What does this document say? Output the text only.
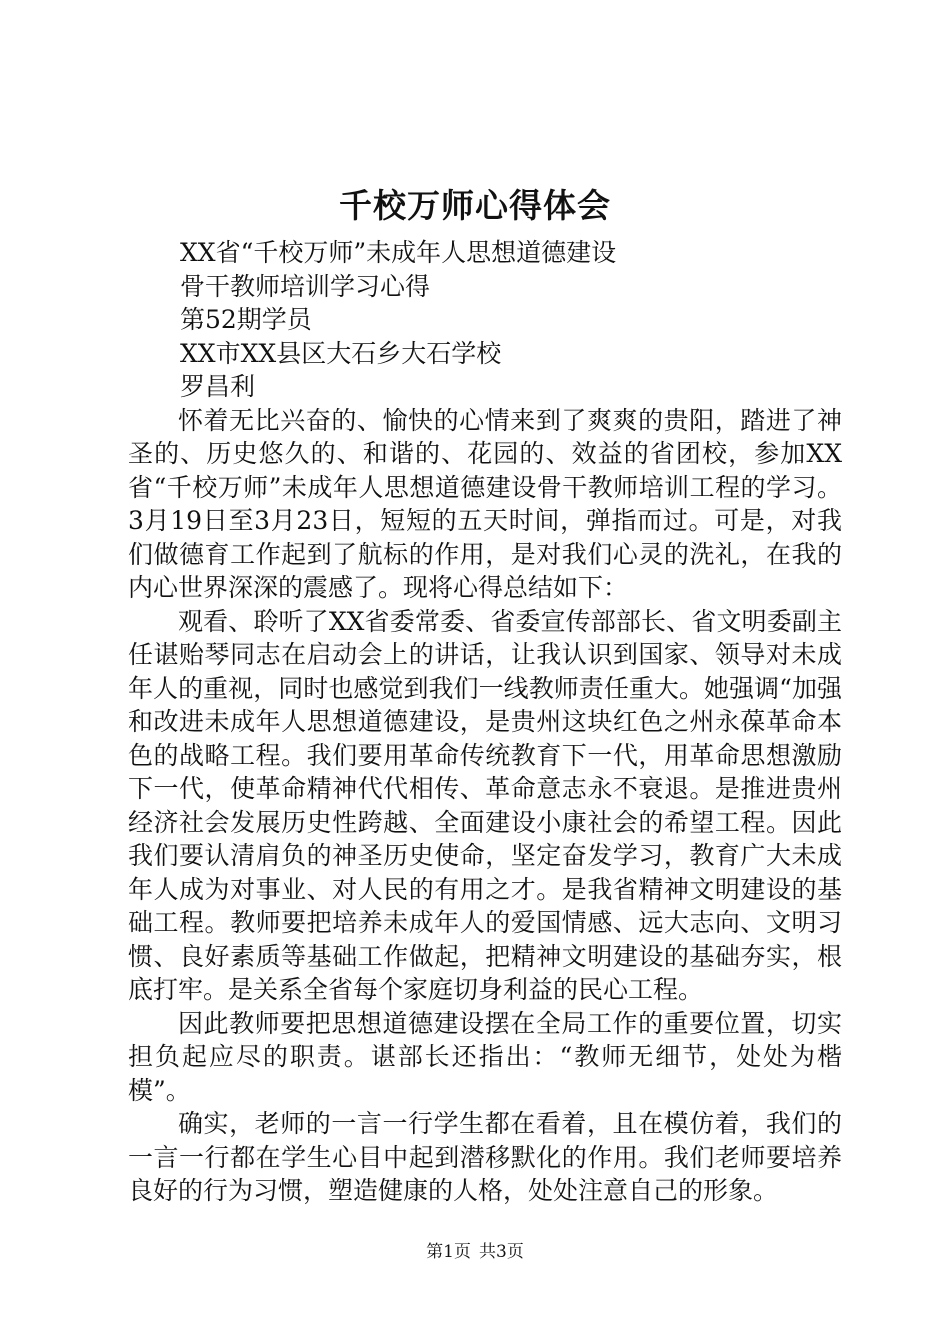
千校万师心得体会

XX省“千校万师”未成年人思想道德建设

骨干教师培训学习心得

第52期学员

XX市XX县区大石乡大石学校

罗昌利

怀着无比兴奋的、愉快的心情来到了爽爽的贵阳，踏进了神圣的、历史悠久的、和谐的、花园的、效益的省团校，参加XX省“千校万师”未成年人思想道德建设骨干教师培训工程的学习。3月19日至3月23日，短短的五天时间，弹指而过。可是，对我们做德育工作起到了航标的作用，是对我们心灵的洗礼，在我的内心世界深深的震感了。现将心得总结如下：

观看、聆听了XX省委常委、省委宣传部部长、省文明委副主任谌贻琴同志在启动会上的讲话，让我认识到国家、领导对未成年人的重视，同时也感觉到我们一线教师责任重大。她强调“加强和改进未成年人思想道德建设，是贵州这块红色之州永葆革命本色的战略工程。我们要用革命传统教育下一代，用革命思想激励下一代，使革命精神代代相传、革命意志永不衰退。是推进贵州经济社会发展历史性跨越、全面建设小康社会的希望工程。因此我们要认清肩负的神圣历史使命，坚定奋发学习，教育广大未成年人成为对事业、对人民的有用之才。是我省精神文明建设的基础工程。教师要把培养未成年人的爱国情感、远大志向、文明习惯、良好素质等基础工作做起，把精神文明建设的基础夯实，根底打牢。是关系全省每个家庭切身利益的民心工程。

因此教师要把思想道德建设摆在全局工作的重要位置，切实担负起应尽的职责。谌部长还指出：“教师无细节，处处为楷模”。

确实，老师的一言一行学生都在看着，且在模仿着，我们的一言一行都在学生心目中起到潜移默化的作用。我们老师要培养良好的行为习惯，塑造健康的人格，处处注意自己的形象。

第1页 共3页
